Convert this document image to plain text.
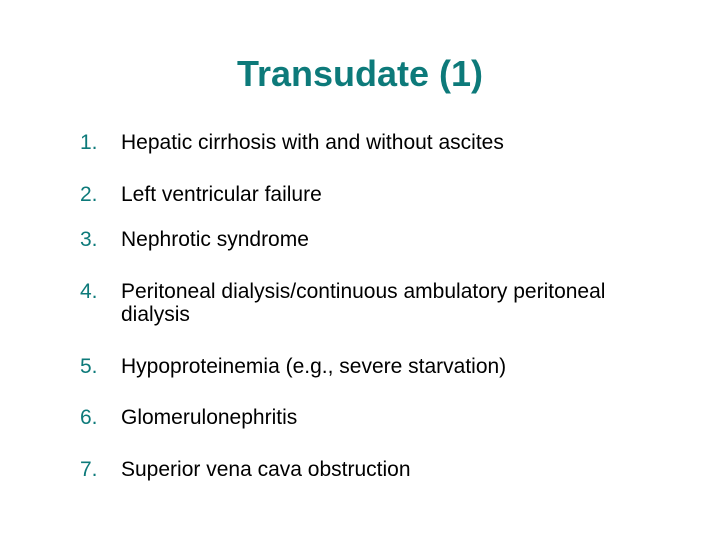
Transudate (1)
1.	Hepatic cirrhosis with and without ascites
2.	Left ventricular failure
3.	Nephrotic syndrome
4.	Peritoneal dialysis/continuous ambulatory peritoneal dialysis
5.	Hypoproteinemia (e.g., severe starvation)
6.	Glomerulonephritis
7.	Superior vena cava obstruction
